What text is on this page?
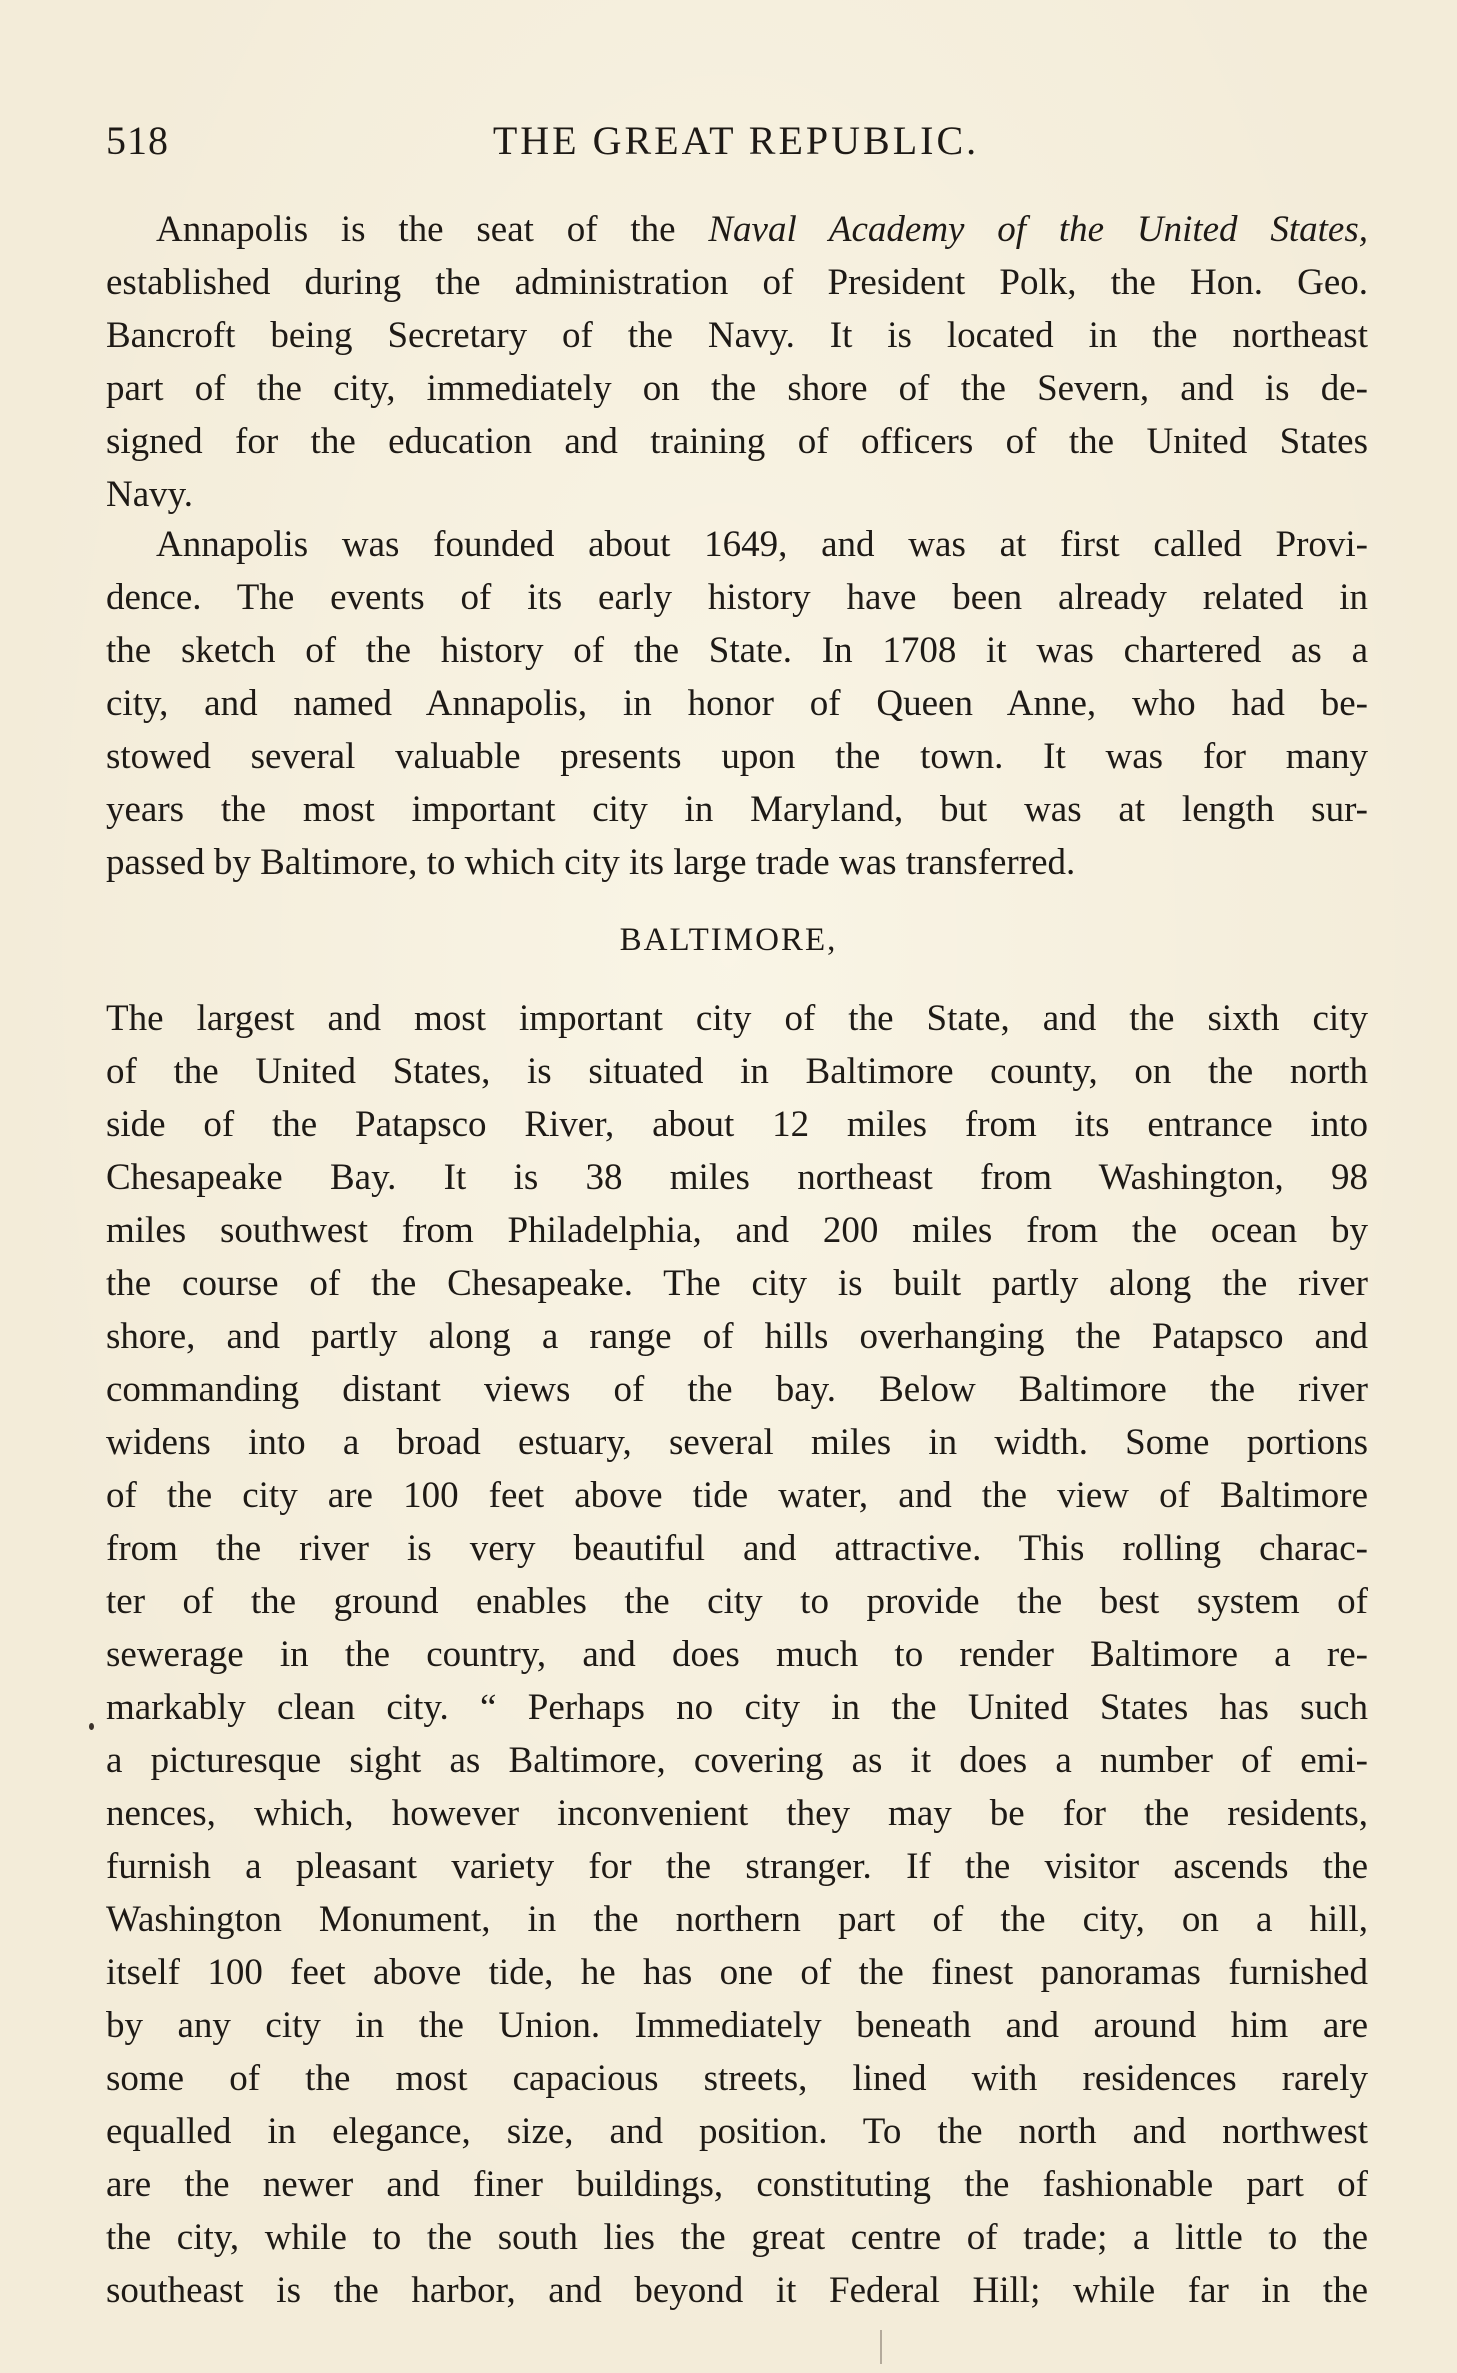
518	THE GREAT REPUBLIC.
Annapolis is the seat of the Naval Academy of the United States,
established during the administration of President Polk, the Hon. Geo.
Bancroft being Secretary of the Navy. It is located in the northeast
part of the city, immediately on the shore of the Severn, and is de-
signed for the education and training of officers of the United States
Navy.
Annapolis was founded about 1649, and was at first called Provi-
dence. The events of its early history have been already related in
the sketch of the history of the State. In 1708 it was chartered as a
city, and named Annapolis, in honor of Queen Anne, who had be-
stowed several valuable presents upon the town. It was for many
years the most important city in Maryland, but was at length sur-
passed by Baltimore, to which city its large trade was transferred.
BALTIMORE,
The largest and most important city of the State, and the sixth city
of the United States, is situated in Baltimore county, on the north
side of the Patapsco River, about 12 miles from its entrance into
Chesapeake Bay. It is 38 miles northeast from Washington, 98
miles southwest from Philadelphia, and 200 miles from the ocean by
the course of the Chesapeake. The city is built partly along the river
shore, and partly along a range of hills overhanging the Patapsco and
commanding distant views of the bay. Below Baltimore the river
widens into a broad estuary, several miles in width. Some portions
of the city are 100 feet above tide water, and the view of Baltimore
from the river is very beautiful and attractive. This rolling charac-
ter of the ground enables the city to provide the best system of
sewerage in the country, and does much to render Baltimore a re-
markably clean city. “ Perhaps no city in the United States has such
a picturesque sight as Baltimore, covering as it does a number of emi-
nences, which, however inconvenient they may be for the residents,
furnish a pleasant variety for the stranger. If the visitor ascends the
Washington Monument, in the northern part of the city, on a hill,
itself 100 feet above tide, he has one of the finest panoramas furnished
by any city in the Union. Immediately beneath and around him are
some of the most capacious streets, lined with residences rarely
equalled in elegance, size, and position. To the north and northwest
are the newer and finer buildings, constituting the fashionable part of
the city, while to the south lies the great centre of trade; a little to the
southeast is the harbor, and beyond it Federal Hill; while far in the
